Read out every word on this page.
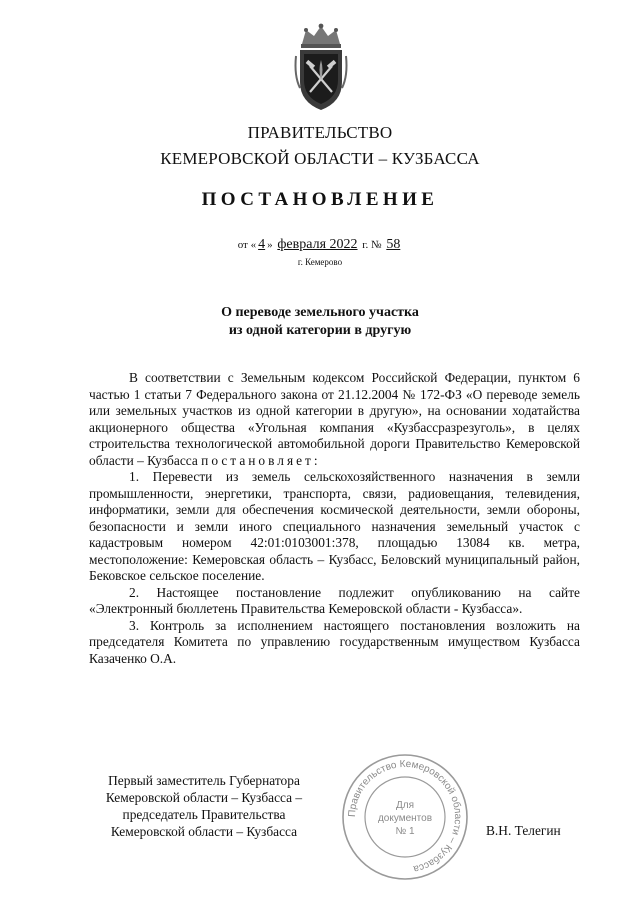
ПРАВИТЕЛЬСТВО
КЕМЕРОВСКОЙ ОБЛАСТИ – КУЗБАССА
ПОСТАНОВЛЕНИЕ
от « 4 » февраля 2022 г. № 58
г. Кемерово
О переводе земельного участка
из одной категории в другую

В соответствии с Земельным кодексом Российской Федерации, пунктом 6 частью 1 статьи 7 Федерального закона от 21.12.2004 № 172-ФЗ «О переводе земель или земельных участков из одной категории в другую», на основании ходатайства акционерного общества «Угольная компания «Кузбассразрезуголь», в целях строительства технологической автомобильной дороги Правительство Кемеровской области – Кузбасса постановляет:

1. Перевести из земель сельскохозяйственного назначения в земли промышленности, энергетики, транспорта, связи, радиовещания, телевидения, информатики, земли для обеспечения космической деятельности, земли обороны, безопасности и земли иного специального назначения земельный участок с кадастровым номером 42:01:0103001:378, площадью 13084 кв. метра, местоположение: Кемеровская область – Кузбасс, Беловский муниципальный район, Бековское сельское поселение.

2. Настоящее постановление подлежит опубликованию на сайте «Электронный бюллетень Правительства Кемеровской области - Кузбасса».

3. Контроль за исполнением настоящего постановления возложить на председателя Комитета по управлению государственным имуществом Кузбасса Казаченко О.А.

Первый заместитель Губернатора
Кемеровской области – Кузбасса –
председатель Правительства
Кемеровской области – Кузбасса
Правительство Кемеровской области – Кузбасса
Для
документов
№ 1	В.Н. Телегин
